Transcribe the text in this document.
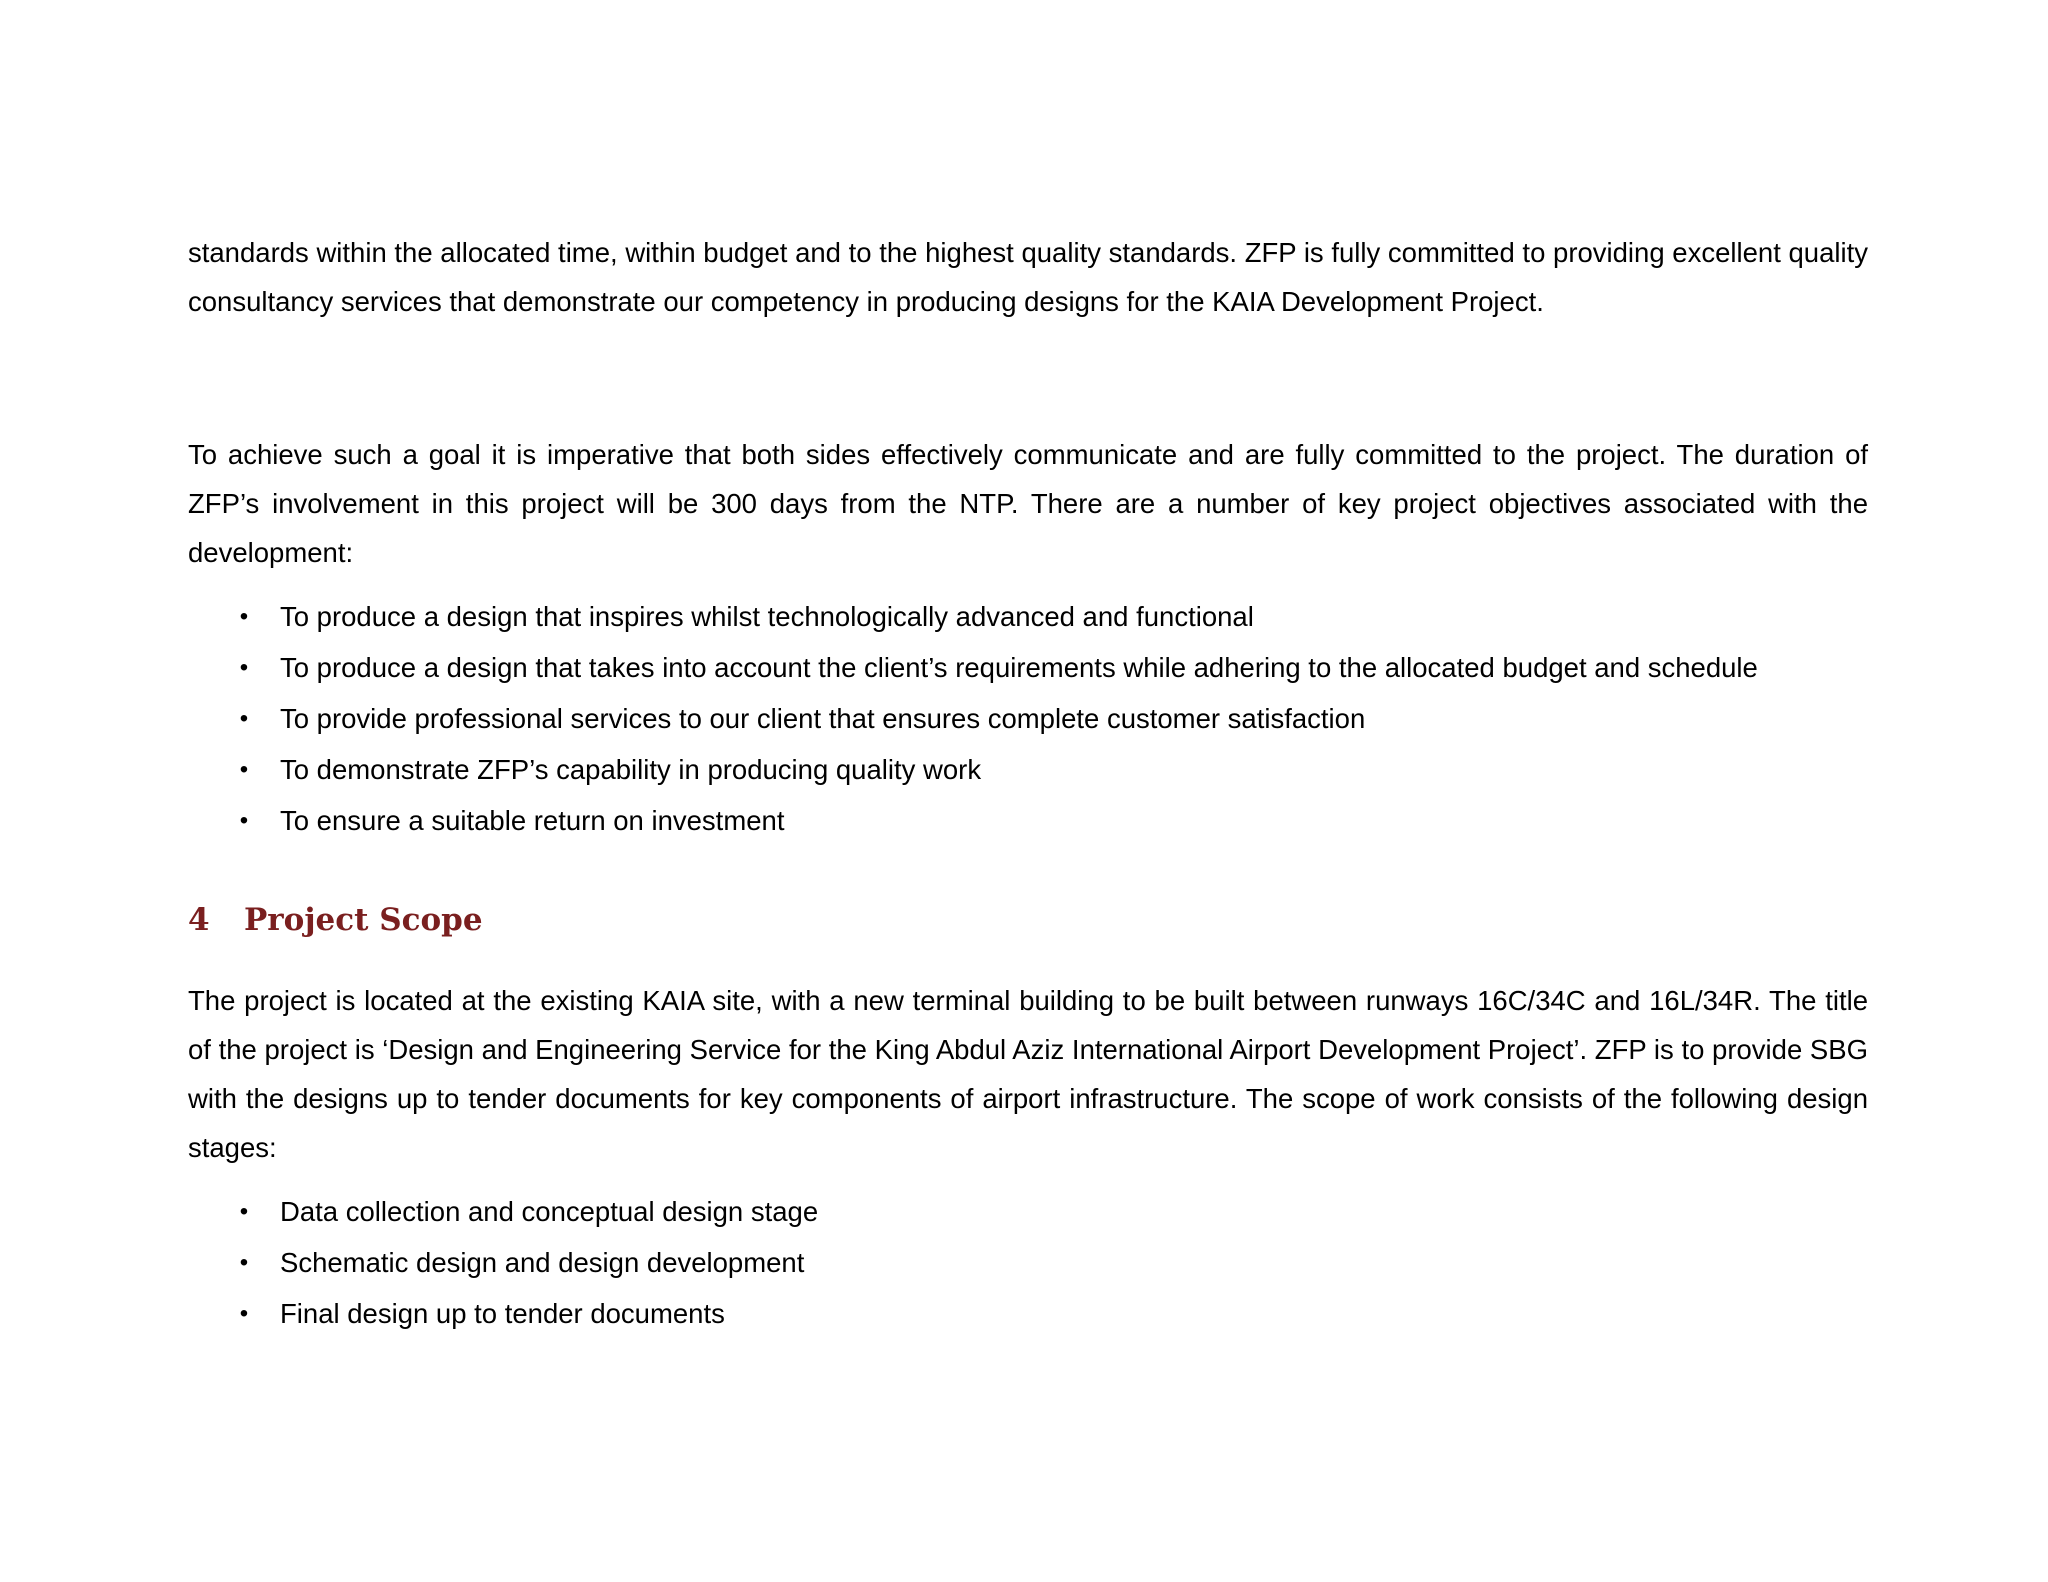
standards within the allocated time, within budget and to the highest quality standards. ZFP is fully committed to providing excellent quality consultancy services that demonstrate our competency in producing designs for the KAIA Development Project.

To achieve such a goal it is imperative that both sides effectively communicate and are fully committed to the project. The duration of ZFP’s involvement in this project will be 300 days from the NTP. There are a number of key project objectives associated with the development:

• To produce a design that inspires whilst technologically advanced and functional
• To produce a design that takes into account the client’s requirements while adhering to the allocated budget and schedule
• To provide professional services to our client that ensures complete customer satisfaction
• To demonstrate ZFP’s capability in producing quality work
• To ensure a suitable return on investment
4 Project Scope

The project is located at the existing KAIA site, with a new terminal building to be built between runways 16C/34C and 16L/34R. The title of the project is ‘Design and Engineering Service for the King Abdul Aziz International Airport Development Project’. ZFP is to provide SBG with the designs up to tender documents for key components of airport infrastructure. The scope of work consists of the following design stages:

• Data collection and conceptual design stage
• Schematic design and design development
• Final design up to tender documents
